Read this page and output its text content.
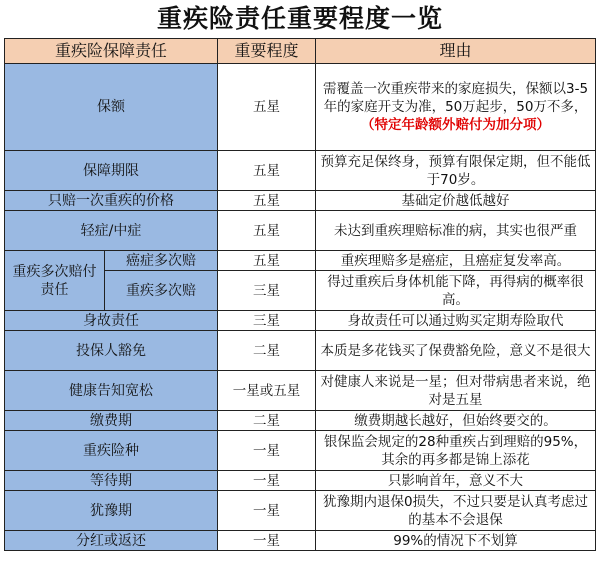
重疾险责任重要程度一览
重疾险保障责任		重要程度	理由
保额		五星	需覆盖一次重疾带来的家庭损失，保额以3-5年的家庭开支为准，50万起步，50万不多，
（特定年龄额外赔付为加分项）
保障期限		五星	预算充足保终身，预算有限保定期，但不能低于70岁。
只赔一次重疾的价格		五星	基础定价越低越好
轻症/中症		五星	未达到重疾理赔标准的病，其实也很严重
重疾多次赔付责任	癌症多次赔	五星	重疾理赔多是癌症，且癌症复发率高。
	重疾多次赔	三星	得过重疾后身体机能下降，再得病的概率很高。
身故责任		三星	身故责任可以通过购买定期寿险取代
投保人豁免		二星	本质是多花钱买了保费豁免险，意义不是很大
健康告知宽松		一星或五星	对健康人来说是一星；但对带病患者来说，绝对是五星
缴费期		二星	缴费期越长越好，但始终要交的。
重疾险种		一星	银保监会规定的28种重疾占到理赔的95%，其余的再多都是锦上添花
等待期		一星	只影响首年，意义不大
犹豫期		一星	犹豫期内退保0损失，不过只要是认真考虑过的基本不会退保
分红或返还		一星	99%的情况下不划算
